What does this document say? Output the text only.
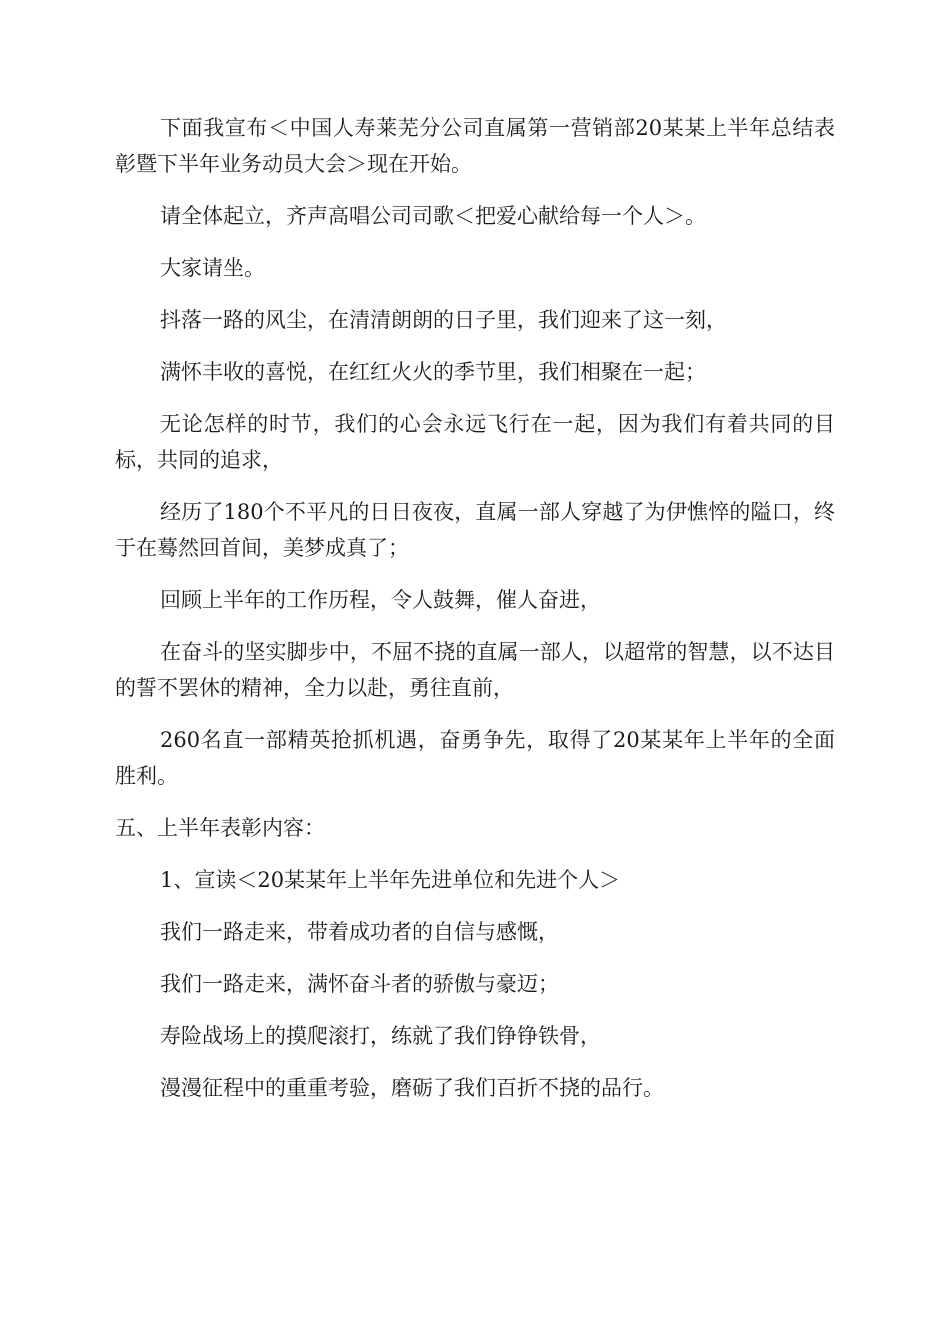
下面我宣布＜中国人寿莱芜分公司直属第一营销部20某某上半年总结表彰暨下半年业务动员大会＞现在开始。

请全体起立，齐声高唱公司司歌＜把爱心献给每一个人＞。

大家请坐。

抖落一路的风尘，在清清朗朗的日子里，我们迎来了这一刻，

满怀丰收的喜悦，在红红火火的季节里，我们相聚在一起；

无论怎样的时节，我们的心会永远飞行在一起，因为我们有着共同的目标，共同的追求，

经历了180个不平凡的日日夜夜，直属一部人穿越了为伊憔悴的隘口，终于在蓦然回首间，美梦成真了；

回顾上半年的工作历程，令人鼓舞，催人奋进，

在奋斗的坚实脚步中，不屈不挠的直属一部人，以超常的智慧，以不达目的誓不罢休的精神，全力以赴，勇往直前，

260名直一部精英抢抓机遇，奋勇争先，取得了20某某年上半年的全面胜利。

五、上半年表彰内容：

1、宣读＜20某某年上半年先进单位和先进个人＞

我们一路走来，带着成功者的自信与感慨，

我们一路走来，满怀奋斗者的骄傲与豪迈；

寿险战场上的摸爬滚打，练就了我们铮铮铁骨，

漫漫征程中的重重考验，磨砺了我们百折不挠的品行。
